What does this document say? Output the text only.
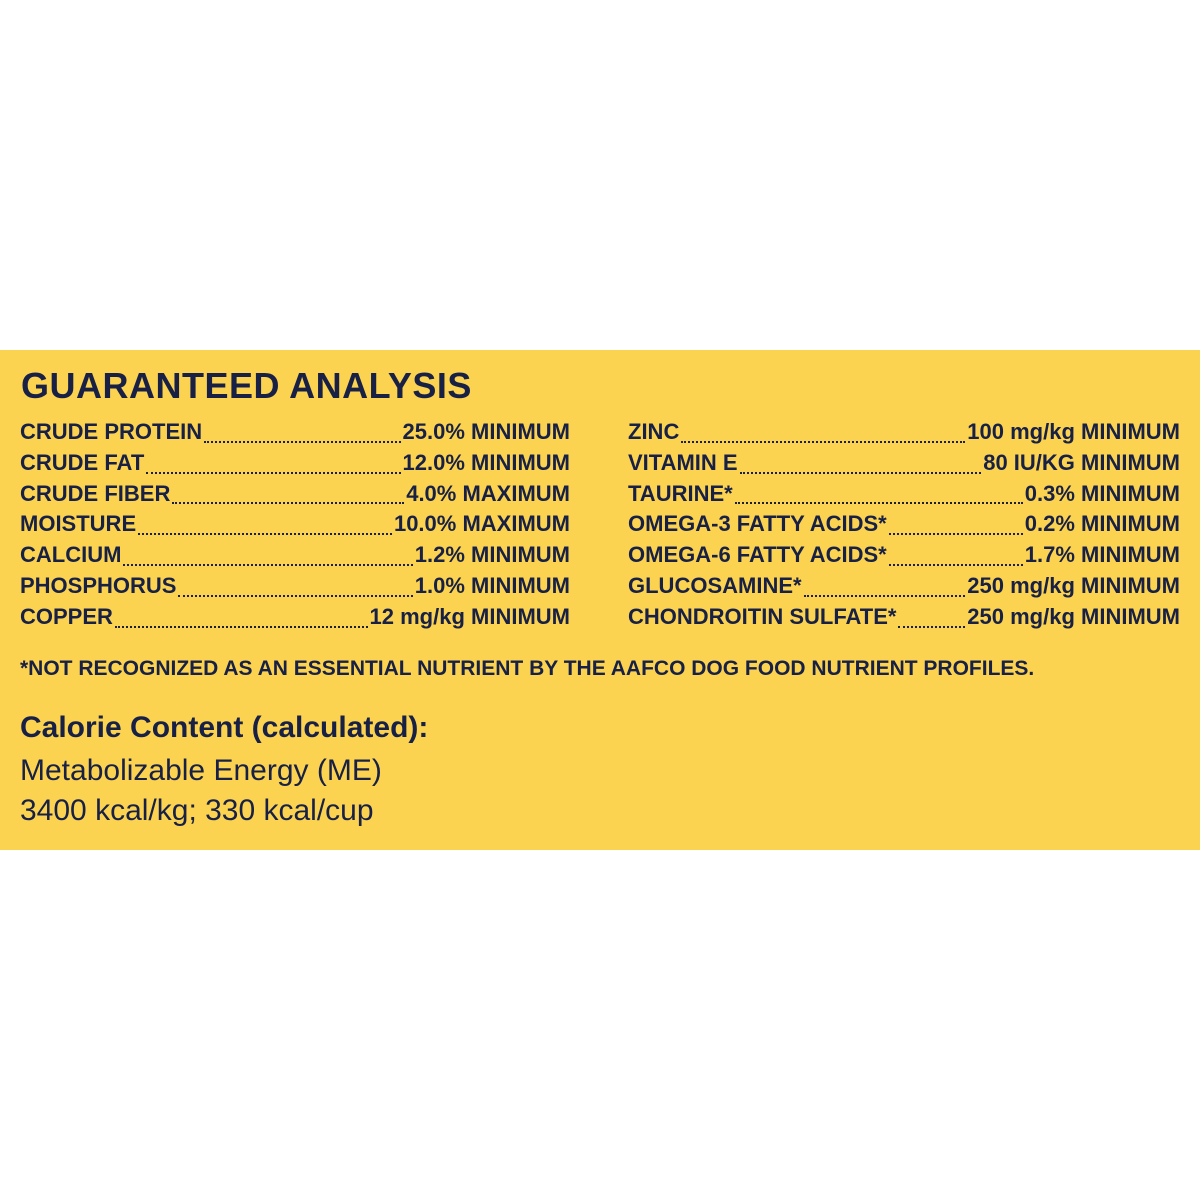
GUARANTEED ANALYSIS
CRUDE PROTEIN	25.0% MINIMUM
CRUDE FAT	12.0% MINIMUM
CRUDE FIBER	4.0% MAXIMUM
MOISTURE	10.0% MAXIMUM
CALCIUM	1.2% MINIMUM
PHOSPHORUS	1.0% MINIMUM
COPPER	12 mg/kg MINIMUM
ZINC	100 mg/kg MINIMUM
VITAMIN E	80 IU/KG MINIMUM
TAURINE*	0.3% MINIMUM
OMEGA-3 FATTY ACIDS*	0.2% MINIMUM
OMEGA-6 FATTY ACIDS*	1.7% MINIMUM
GLUCOSAMINE*	250 mg/kg MINIMUM
CHONDROITIN SULFATE*	250 mg/kg MINIMUM

*NOT RECOGNIZED AS AN ESSENTIAL NUTRIENT BY THE AAFCO DOG FOOD NUTRIENT PROFILES.

Calorie Content (calculated):

Metabolizable Energy (ME)

3400 kcal/kg; 330 kcal/cup
